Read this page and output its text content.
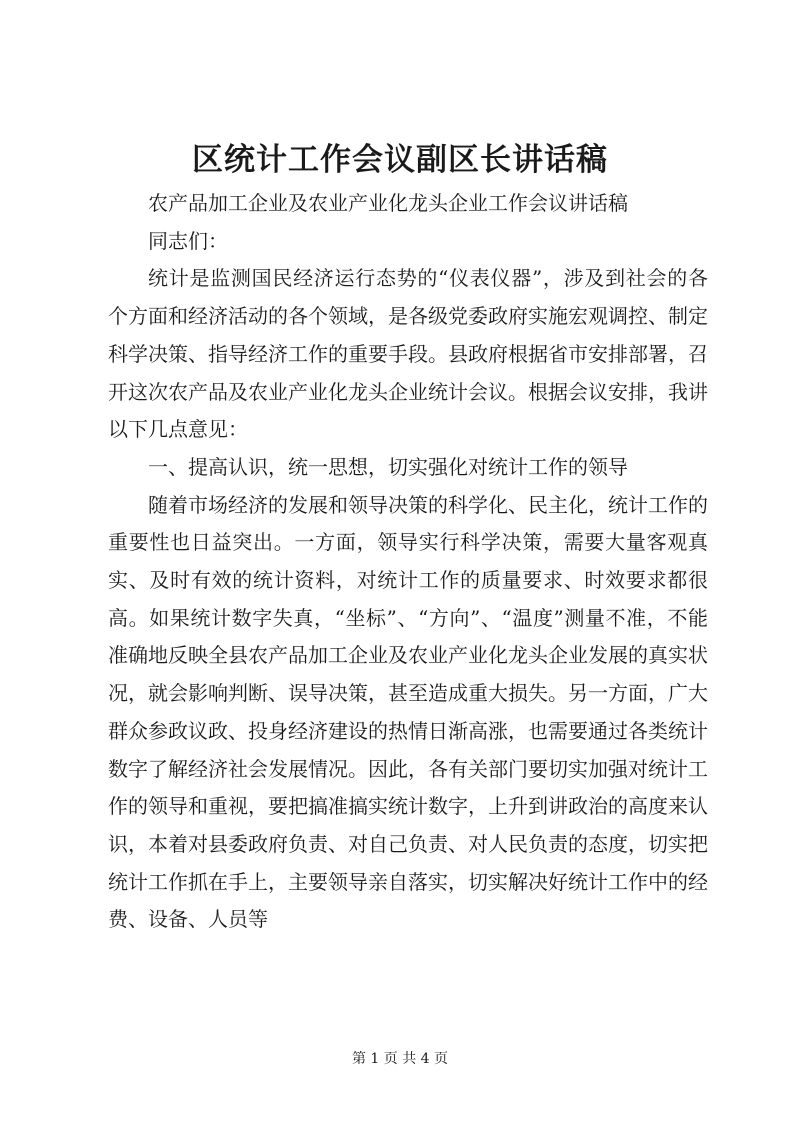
区统计工作会议副区长讲话稿

农产品加工企业及农业产业化龙头企业工作会议讲话稿

同志们：

统计是监测国民经济运行态势的“仪表仪器”，涉及到社会的各个方面和经济活动的各个领域，是各级党委政府实施宏观调控、制定科学决策、指导经济工作的重要手段。县政府根据省市安排部署，召开这次农产品及农业产业化龙头企业统计会议。根据会议安排，我讲以下几点意见：

一、提高认识，统一思想，切实强化对统计工作的领导

随着市场经济的发展和领导决策的科学化、民主化，统计工作的重要性也日益突出。一方面，领导实行科学决策，需要大量客观真实、及时有效的统计资料，对统计工作的质量要求、时效要求都很高。如果统计数字失真，“坐标”、“方向”、“温度”测量不准，不能准确地反映全县农产品加工企业及农业产业化龙头企业发展的真实状况，就会影响判断、误导决策，甚至造成重大损失。另一方面，广大群众参政议政、投身经济建设的热情日渐高涨，也需要通过各类统计数字了解经济社会发展情况。因此，各有关部门要切实加强对统计工作的领导和重视，要把搞准搞实统计数字，上升到讲政治的高度来认识，本着对县委政府负责、对自己负责、对人民负责的态度，切实把统计工作抓在手上，主要领导亲自落实，切实解决好统计工作中的经费、设备、人员等

第 1 页 共 4 页
